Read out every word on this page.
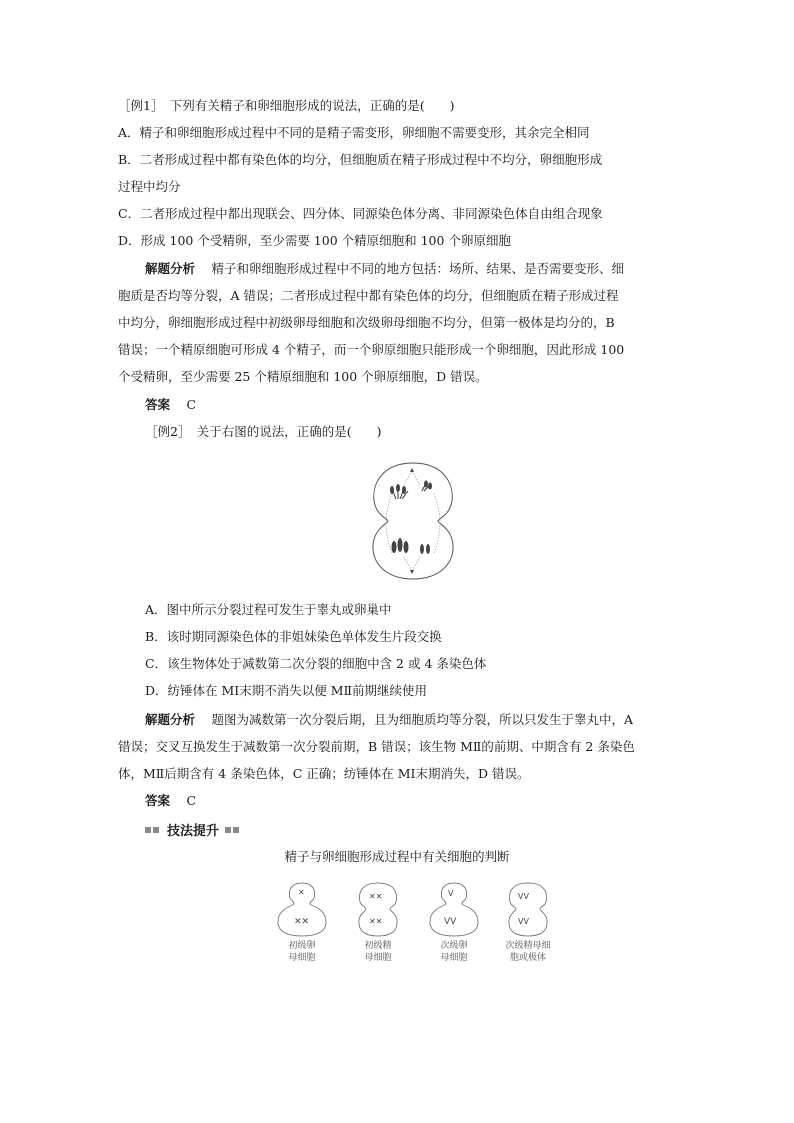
［例1］　下列有关精子和卵细胞形成的说法，正确的是(　　)
A．精子和卵细胞形成过程中不同的是精子需变形，卵细胞不需要变形，其余完全相同
B．二者形成过程中都有染色体的均分，但细胞质在精子形成过程中不均分，卵细胞形成
过程中均分
C．二者形成过程中都出现联会、四分体、同源染色体分离、非同源染色体自由组合现象
D．形成 100 个受精卵，至少需要 100 个精原细胞和 100 个卵原细胞
解题分析　 精子和卵细胞形成过程中不同的地方包括：场所、结果、是否需要变形、细
胞质是否均等分裂，A 错误；二者形成过程中都有染色体的均分，但细胞质在精子形成过程
中均分，卵细胞形成过程中初级卵母细胞和次级卵母细胞不均分，但第一极体是均分的，B
错误；一个精原细胞可形成 4 个精子，而一个卵原细胞只能形成一个卵细胞，因此形成 100
个受精卵，至少需要 25 个精原细胞和 100 个卵原细胞，D 错误。
答案　 C
［例2］　关于右图的说法，正确的是(　　)
A．图中所示分裂过程可发生于睾丸或卵巢中
B．该时期同源染色体的非姐妹染色单体发生片段交换
C．该生物体处于减数第二次分裂的细胞中含 2 或 4 条染色体
D．纺锤体在 MⅠ末期不消失以便 MⅡ前期继续使用
解题分析　 题图为减数第一次分裂后期，且为细胞质均等分裂，所以只发生于睾丸中，A
错误；交叉互换发生于减数第一次分裂前期，B 错误；该生物 MⅡ的前期、中期含有 2 条染色
体，MⅡ后期含有 4 条染色体，C 正确；纺锤体在 MⅠ末期消失，D 错误。
答案　 C
技法提升
精子与卵细胞形成过程中有关细胞的判断
✕
✕✕
初级卵
母细胞
✕✕
✕✕
初级精
母细胞
ᐯ
ᐯᐯ
次级卵
母细胞
ᐯᐯ
ᐯᐯ
次级精母细
胞或极体
